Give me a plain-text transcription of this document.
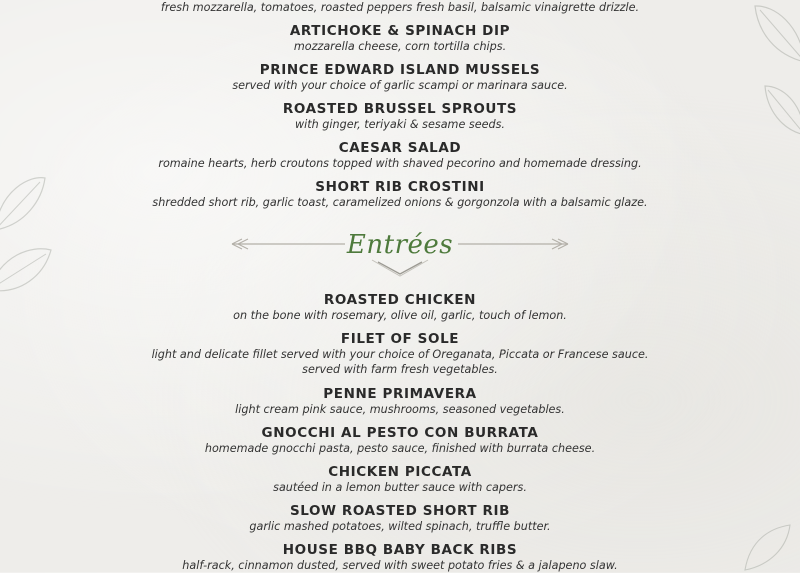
fresh mozzarella, tomatoes, roasted peppers fresh basil, balsamic vinaigrette drizzle.
ARTICHOKE & SPINACH DIP
mozzarella cheese, corn tortilla chips.
PRINCE EDWARD ISLAND MUSSELS
served with your choice of garlic scampi or marinara sauce.
ROASTED BRUSSEL SPROUTS
with ginger, teriyaki & sesame seeds.
CAESAR SALAD
romaine hearts, herb croutons topped with shaved pecorino and homemade dressing.
SHORT RIB CROSTINI
shredded short rib, garlic toast, caramelized onions & gorgonzola with a balsamic glaze.
Entrées
ROASTED CHICKEN
on the bone with rosemary, olive oil, garlic, touch of lemon.
FILET OF SOLE
light and delicate fillet served with your choice of Oreganata, Piccata or Francese sauce.
served with farm fresh vegetables.
PENNE PRIMAVERA
light cream pink sauce, mushrooms, seasoned vegetables.
GNOCCHI AL PESTO CON BURRATA
homemade gnocchi pasta, pesto sauce, finished with burrata cheese.
CHICKEN PICCATA
sautéed in a lemon butter sauce with capers.
SLOW ROASTED SHORT RIB
garlic mashed potatoes, wilted spinach, truffle butter.
HOUSE BBQ BABY BACK RIBS
half-rack, cinnamon dusted, served with sweet potato fries & a jalapeno slaw.
